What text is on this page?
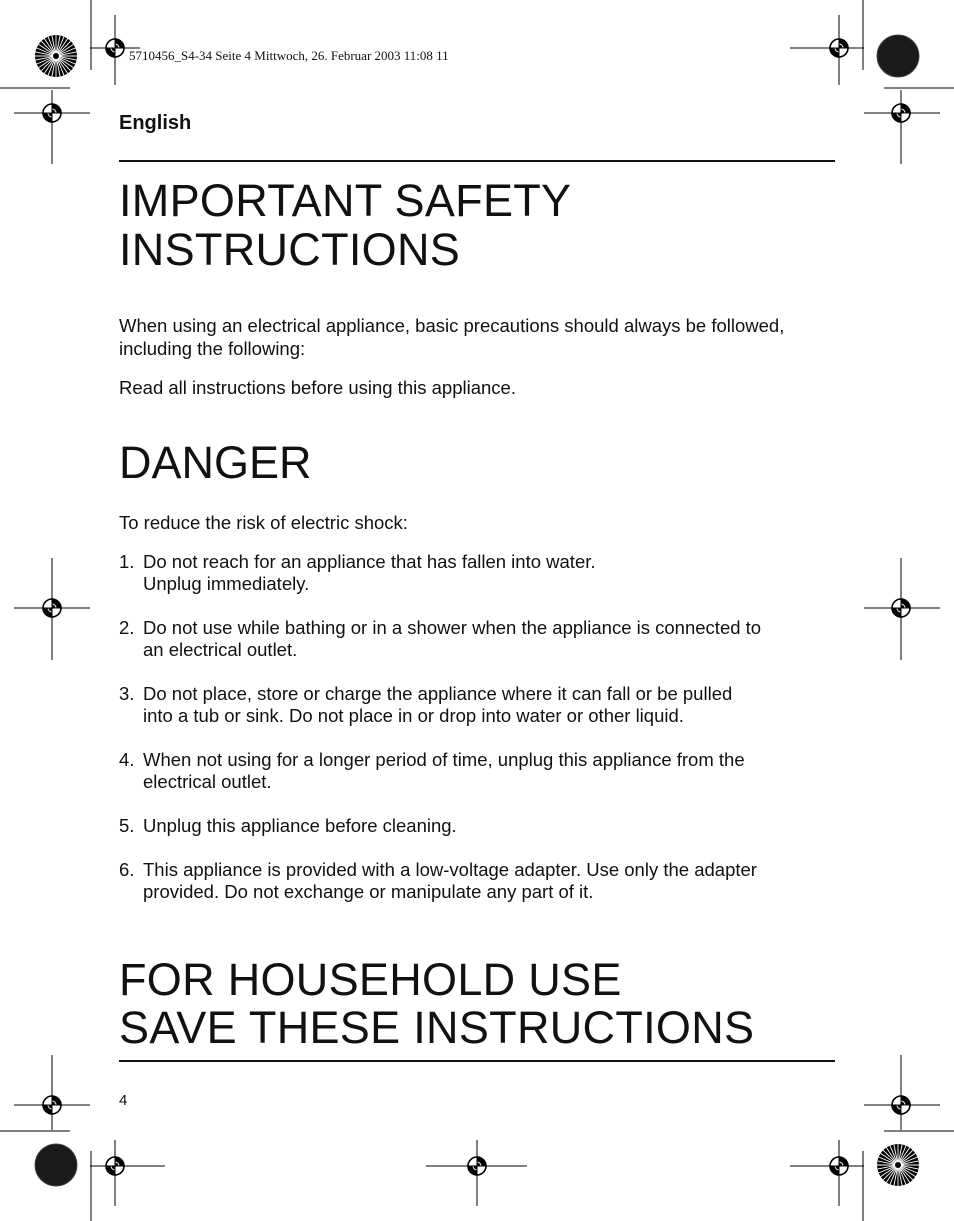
5710456_S4-34 Seite 4 Mittwoch, 26. Februar 2003 11:08 11
English
IMPORTANT SAFETY
INSTRUCTIONS

When using an electrical appliance, basic precautions should always be followed, including the following:

Read all instructions before using this appliance.

DANGER

To reduce the risk of electric shock:

1. Do not reach for an appliance that has fallen into water.
Unplug immediately.
2. Do not use while bathing or in a shower when the appliance is connected to
an electrical outlet.
3. Do not place, store or charge the appliance where it can fall or be pulled
into a tub or sink. Do not place in or drop into water or other liquid.
4. When not using for a longer period of time, unplug this appliance from the
electrical outlet.
5. Unplug this appliance before cleaning.
6. This appliance is provided with a low-voltage adapter. Use only the adapter
provided. Do not exchange or manipulate any part of it.
FOR HOUSEHOLD USE
SAVE THESE INSTRUCTIONS
4
